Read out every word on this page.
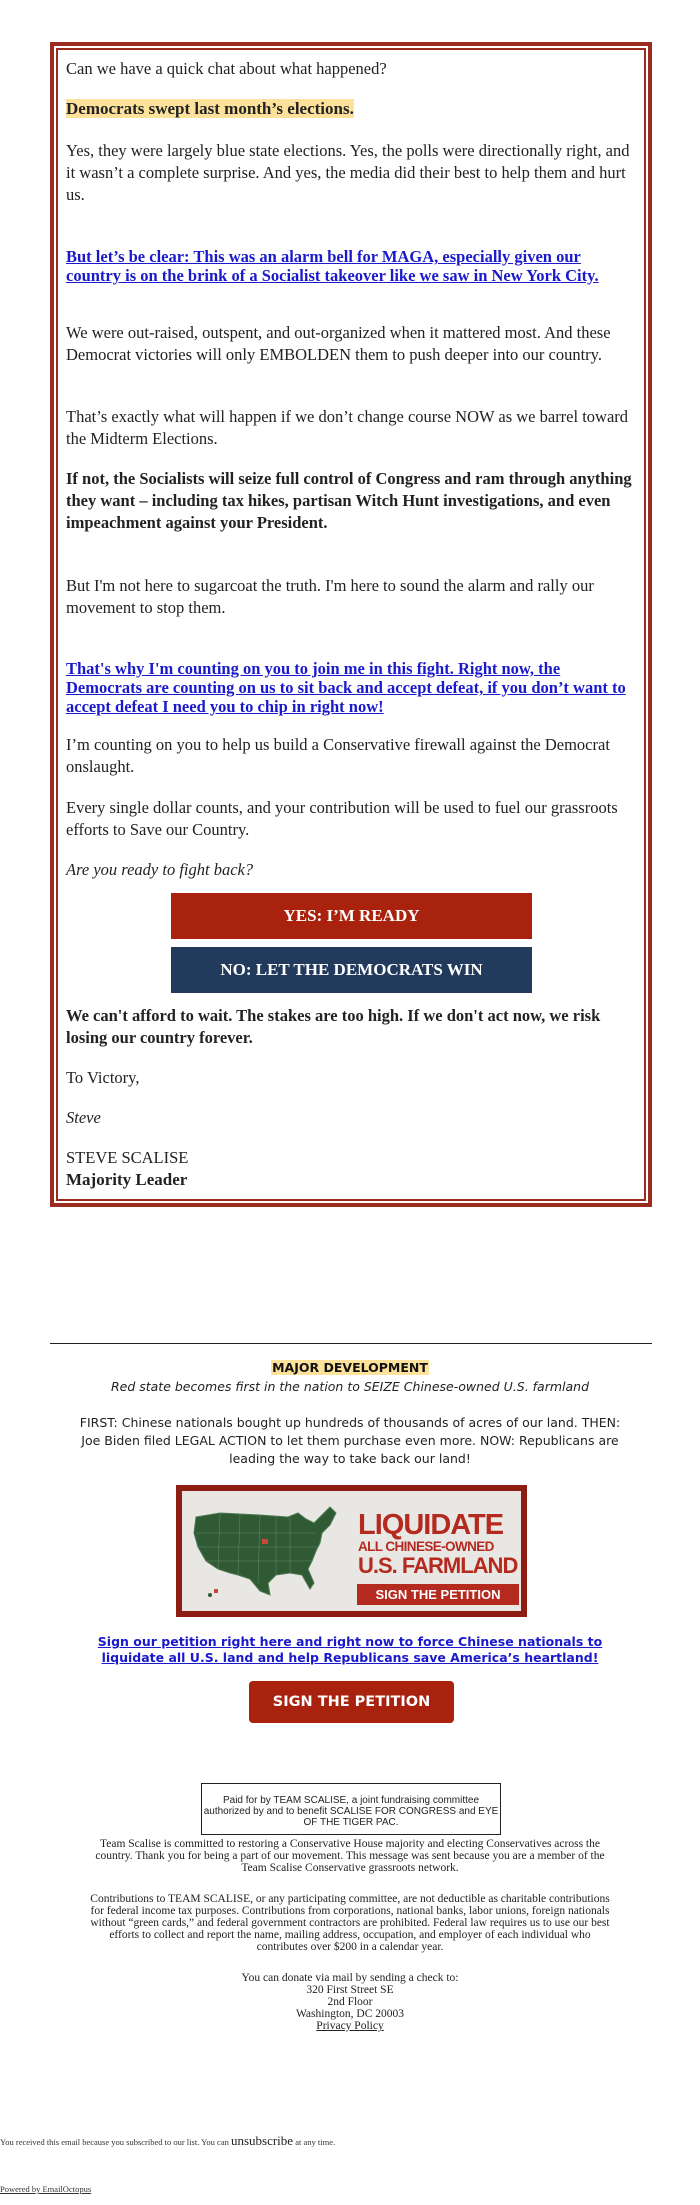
Can we have a quick chat about what happened?

Democrats swept last month’s elections.

Yes, they were largely blue state elections. Yes, the polls were directionally right, and it wasn’t a complete surprise. And yes, the media did their best to help them and hurt us.

But let’s be clear: This was an alarm bell for MAGA, especially given our country is on the brink of a Socialist takeover like we saw in New York City.

We were out-raised, outspent, and out-organized when it mattered most. And these Democrat victories will only EMBOLDEN them to push deeper into our country.

That’s exactly what will happen if we don’t change course NOW as we barrel toward the Midterm Elections.

If not, the Socialists will seize full control of Congress and ram through anything they want – including tax hikes, partisan Witch Hunt investigations, and even impeachment against your President.

But I'm not here to sugarcoat the truth. I'm here to sound the alarm and rally our movement to stop them.

That's why I'm counting on you to join me in this fight. Right now, the Democrats are counting on us to sit back and accept defeat, if you don’t want to accept defeat I need you to chip in right now!

I’m counting on you to help us build a Conservative firewall against the Democrat onslaught.

Every single dollar counts, and your contribution will be used to fuel our grassroots efforts to Save our Country.

Are you ready to fight back?

YES: I’M READY
NO: LET THE DEMOCRATS WIN

We can't afford to wait. The stakes are too high. If we don't act now, we risk losing our country forever.

To Victory,

Steve

STEVE SCALISE

Majority Leader

MAJOR DEVELOPMENT
Red state becomes first in the nation to SEIZE Chinese-owned U.S. farmland
FIRST: Chinese nationals bought up hundreds of thousands of acres of our land. THEN: Joe Biden filed LEGAL ACTION to let them purchase even more. NOW: Republicans are leading the way to take back our land!
LIQUIDATE
ALL CHINESE-OWNED
U.S. FARMLAND
SIGN THE PETITION
Sign our petition right here and right now to force Chinese nationals to liquidate all U.S. land and help Republicans save America’s heartland!
SIGN THE PETITION
Paid for by TEAM SCALISE, a joint fundraising committee authorized by and to benefit SCALISE FOR CONGRESS and EYE OF THE TIGER PAC.

Team Scalise is committed to restoring a Conservative House majority and electing Conservatives across the country. Thank you for being a part of our movement. This message was sent because you are a member of the Team Scalise Conservative grassroots network.

Contributions to TEAM SCALISE, or any participating committee, are not deductible as charitable contributions for federal income tax purposes. Contributions from corporations, national banks, labor unions, foreign nationals without “green cards,” and federal government contractors are prohibited. Federal law requires us to use our best efforts to collect and report the name, mailing address, occupation, and employer of each individual who contributes over $200 in a calendar year.

You can donate via mail by sending a check to:
320 First Street SE
2nd Floor
Washington, DC 20003
Privacy Policy
You received this email because you subscribed to our list. You can unsubscribe at any time.
Powered by EmailOctopus
